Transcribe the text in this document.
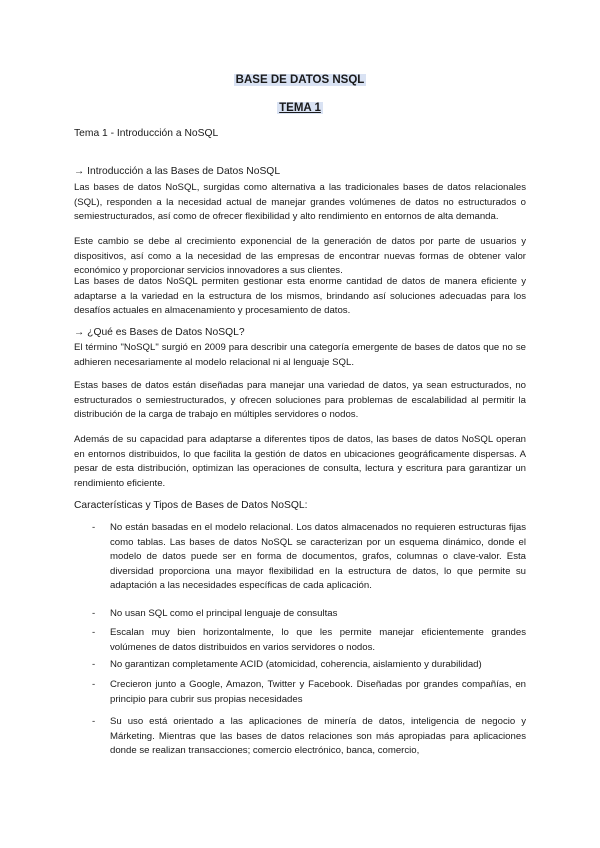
BASE DE DATOS NSQL
TEMA 1

Tema 1 - Introducción a NoSQL

→ Introducción a las Bases de Datos NoSQL

Las bases de datos NoSQL, surgidas como alternativa a las tradicionales bases de datos relacionales (SQL), responden a la necesidad actual de manejar grandes volúmenes de datos no estructurados o semiestructurados, así como de ofrecer flexibilidad y alto rendimiento en entornos de alta demanda.

Este cambio se debe al crecimiento exponencial de la generación de datos por parte de usuarios y dispositivos, así como a la necesidad de las empresas de encontrar nuevas formas de obtener valor económico y proporcionar servicios innovadores a sus clientes.

Las bases de datos NoSQL permiten gestionar esta enorme cantidad de datos de manera eficiente y adaptarse a la variedad en la estructura de los mismos, brindando así soluciones adecuadas para los desafíos actuales en almacenamiento y procesamiento de datos.

→ ¿Qué es Bases de Datos NoSQL?

El término "NoSQL" surgió en 2009 para describir una categoría emergente de bases de datos que no se adhieren necesariamente al modelo relacional ni al lenguaje SQL.

Estas bases de datos están diseñadas para manejar una variedad de datos, ya sean estructurados, no estructurados o semiestructurados, y ofrecen soluciones para problemas de escalabilidad al permitir la distribución de la carga de trabajo en múltiples servidores o nodos.

Además de su capacidad para adaptarse a diferentes tipos de datos, las bases de datos NoSQL operan en entornos distribuidos, lo que facilita la gestión de datos en ubicaciones geográficamente dispersas. A pesar de esta distribución, optimizan las operaciones de consulta, lectura y escritura para garantizar un rendimiento eficiente.

Características y Tipos de Bases de Datos NoSQL:

- No están basadas en el modelo relacional. Los datos almacenados no requieren estructuras fijas como tablas. Las bases de datos NoSQL se caracterizan por un esquema dinámico, donde el modelo de datos puede ser en forma de documentos, grafos, columnas o clave-valor. Esta diversidad proporciona una mayor flexibilidad en la estructura de datos, lo que permite su adaptación a las necesidades específicas de cada aplicación.
- No usan SQL como el principal lenguaje de consultas
- Escalan muy bien horizontalmente, lo que les permite manejar eficientemente grandes volúmenes de datos distribuidos en varios servidores o nodos.
- No garantizan completamente ACID (atomicidad, coherencia, aislamiento y durabilidad)
- Crecieron junto a Google, Amazon, Twitter y Facebook. Diseñadas por grandes compañías, en principio para cubrir sus propias necesidades
- Su uso está orientado a las aplicaciones de minería de datos, inteligencia de negocio y Márketing. Mientras que las bases de datos relaciones son más apropiadas para aplicaciones donde se realizan transacciones; comercio electrónico, banca, comercio,
